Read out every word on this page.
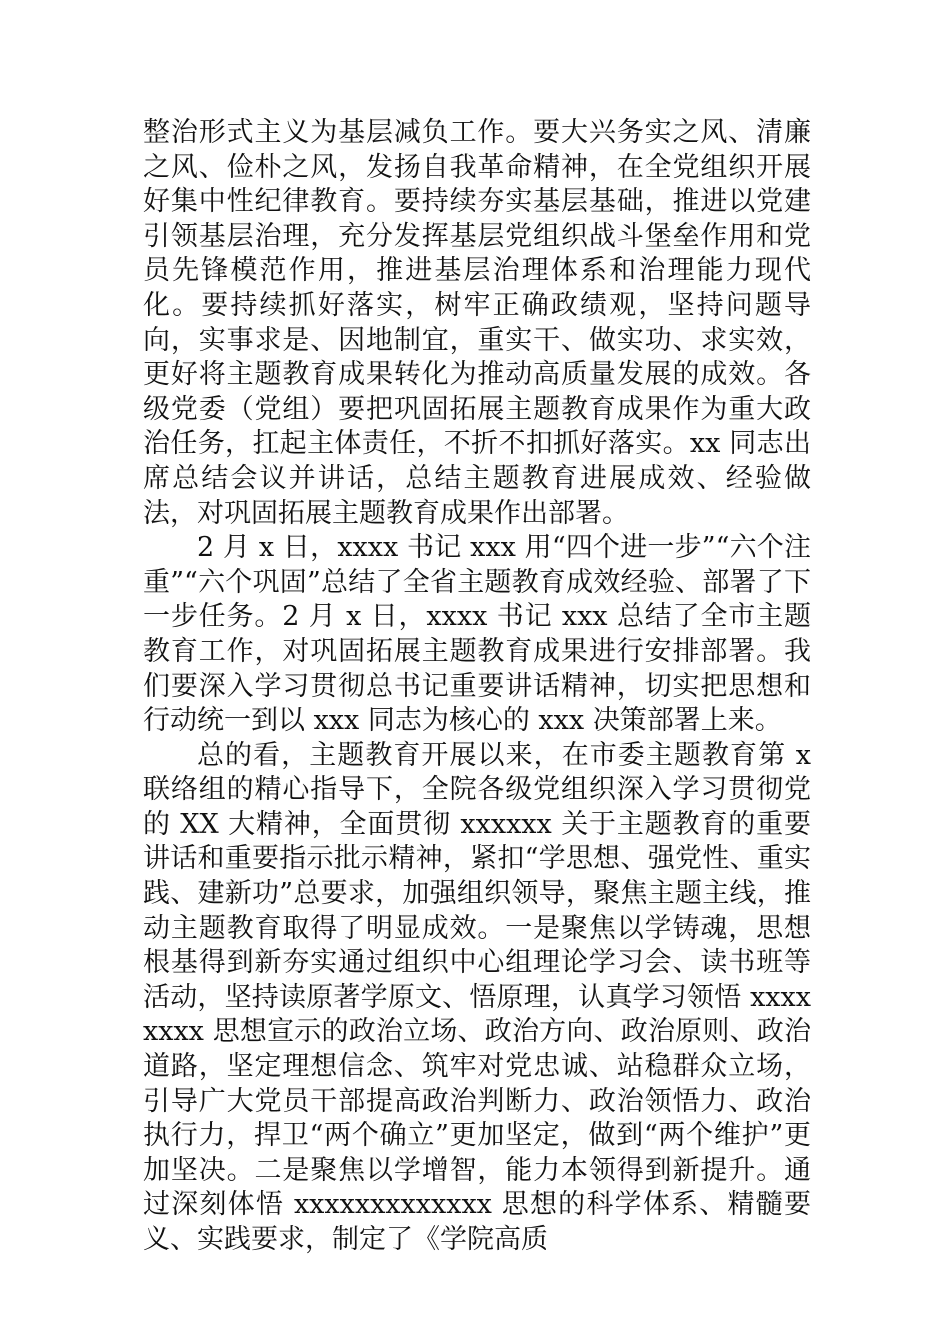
整治形式主义为基层减负工作。要大兴务实之风、清廉之风、俭朴之风，发扬自我革命精神，在全党组织开展好集中性纪律教育。要持续夯实基层基础，推进以党建引领基层治理，充分发挥基层党组织战斗堡垒作用和党员先锋模范作用，推进基层治理体系和治理能力现代化。要持续抓好落实，树牢正确政绩观，坚持问题导向，实事求是、因地制宜，重实干、做实功、求实效，更好将主题教育成果转化为推动高质量发展的成效。各级党委（党组）要把巩固拓展主题教育成果作为重大政治任务，扛起主体责任，不折不扣抓好落实。xx 同志出席总结会议并讲话，总结主题教育进展成效、经验做法，对巩固拓展主题教育成果作出部署。

2 月 x 日，xxxx 书记 xxx 用“四个进一步”“六个注重”“六个巩固”总结了全省主题教育成效经验、部署了下一步任务。2 月 x 日，xxxx 书记 xxx 总结了全市主题教育工作，对巩固拓展主题教育成果进行安排部署。我们要深入学习贯彻总书记重要讲话精神，切实把思想和行动统一到以 xxx 同志为核心的 xxx 决策部署上来。

总的看，主题教育开展以来，在市委主题教育第 x 联络组的精心指导下，全院各级党组织深入学习贯彻党的 XX 大精神，全面贯彻 xxxxxx 关于主题教育的重要讲话和重要指示批示精神，紧扣“学思想、强党性、重实践、建新功”总要求，加强组织领导，聚焦主题主线，推动主题教育取得了明显成效。一是聚焦以学铸魂，思想根基得到新夯实通过组织中心组理论学习会、读书班等活动，坚持读原著学原文、悟原理，认真学习领悟 xxxxxxxx 思想宣示的政治立场、政治方向、政治原则、政治道路，坚定理想信念、筑牢对党忠诚、站稳群众立场，引导广大党员干部提高政治判断力、政治领悟力、政治执行力，捍卫“两个确立”更加坚定，做到“两个维护”更加坚决。二是聚焦以学增智，能力本领得到新提升。通过深刻体悟 xxxxxxxxxxxxx 思想的科学体系、精髓要义、实践要求，制定了《学院高质
